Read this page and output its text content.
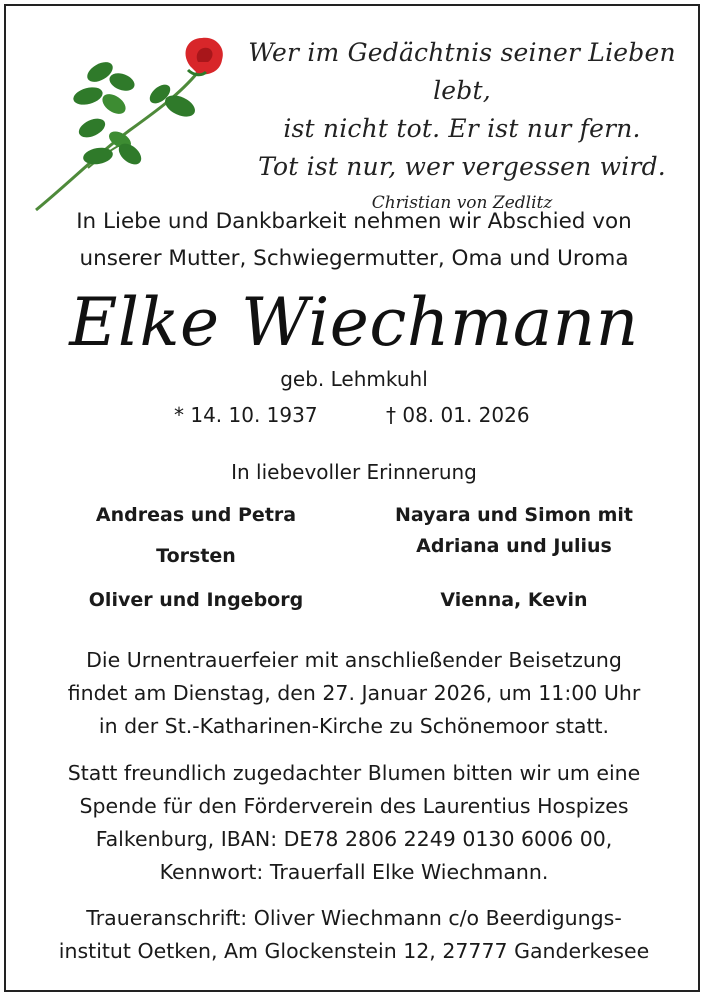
Wer im Gedächtnis seiner Lieben lebt,
ist nicht tot. Er ist nur fern.
Tot ist nur, wer vergessen wird.
Christian von Zedlitz
In Liebe und Dankbarkeit nehmen wir Abschied von
unserer Mutter, Schwiegermutter, Oma und Uroma
Elke Wiechmann
geb. Lehmkuhl
* 14. 10. 1937	† 08. 01. 2026
In liebevoller Erinnerung
Andreas und Petra
Torsten
Oliver und Ingeborg
Nayara und Simon mit
Adriana und Julius
Vienna, Kevin
Die Urnentrauerfeier mit anschließender Beisetzung
findet am Dienstag, den 27. Januar 2026, um 11:00 Uhr
in der St.-Katharinen-Kirche zu Schönemoor statt.
Statt freundlich zugedachter Blumen bitten wir um eine
Spende für den Förderverein des Laurentius Hospizes
Falkenburg, IBAN: DE78 2806 2249 0130 6006 00,
Kennwort: Trauerfall Elke Wiechmann.
Traueranschrift: Oliver Wiechmann c/o Beerdigungs-
institut Oetken, Am Glockenstein 12, 27777 Ganderkesee
